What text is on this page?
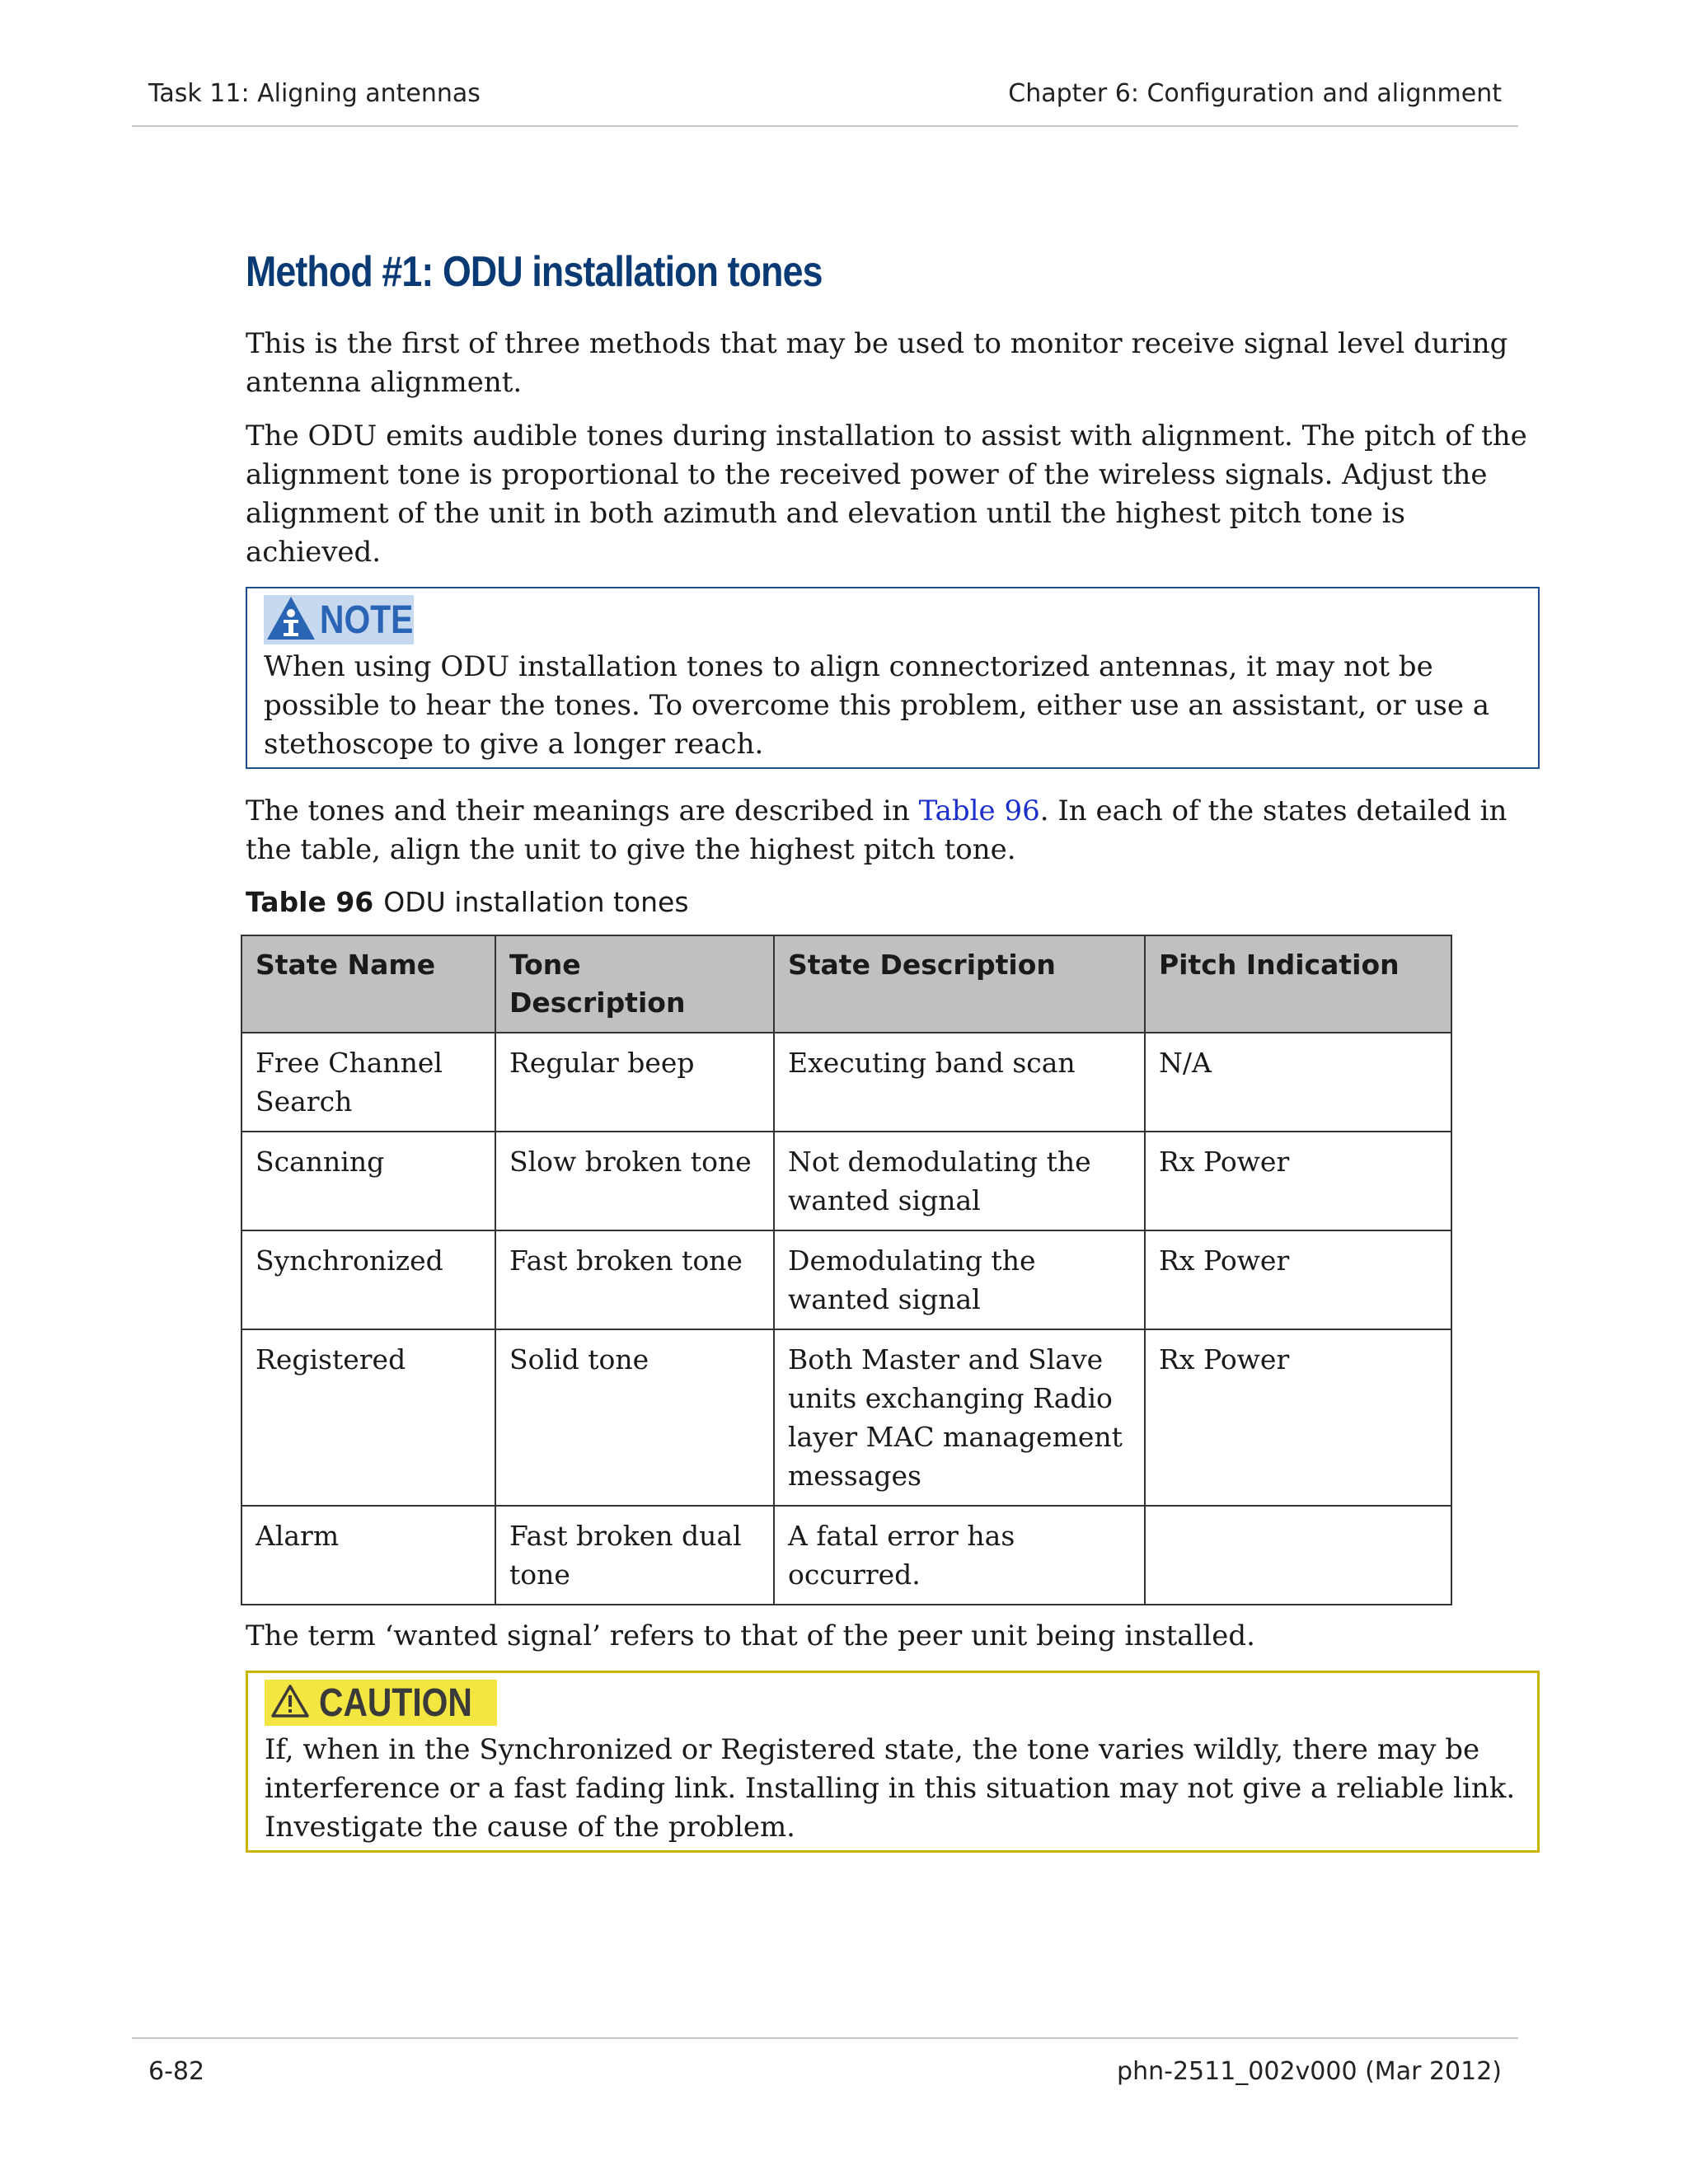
Task 11: Aligning antennas	Chapter 6: Configuration and alignment
Method #1: ODU installation tones

This is the first of three methods that may be used to monitor receive signal level during antenna alignment.

The ODU emits audible tones during installation to assist with alignment. The pitch of the alignment tone is proportional to the received power of the wireless signals. Adjust the alignment of the unit in both azimuth and elevation until the highest pitch tone is achieved.

NOTE

When using ODU installation tones to align connectorized antennas, it may not be possible to hear the tones. To overcome this problem, either use an assistant, or use a stethoscope to give a longer reach.

The tones and their meanings are described in Table 96. In each of the states detailed in the table, align the unit to give the highest pitch tone.

Table 96 ODU installation tones
State Name	Tone Description	State Description	Pitch Indication
Free Channel Search	Regular beep	Executing band scan	N/A
Scanning	Slow broken tone	Not demodulating the wanted signal	Rx Power
Synchronized	Fast broken tone	Demodulating the wanted signal	Rx Power
Registered	Solid tone	Both Master and Slave units exchanging Radio layer MAC management messages	Rx Power
Alarm	Fast broken dual tone	A fatal error has occurred.	

The term ‘wanted signal’ refers to that of the peer unit being installed.

CAUTION

If, when in the Synchronized or Registered state, the tone varies wildly, there may be interference or a fast fading link. Installing in this situation may not give a reliable link. Investigate the cause of the problem.

6-82	phn-2511_002v000 (Mar 2012)
